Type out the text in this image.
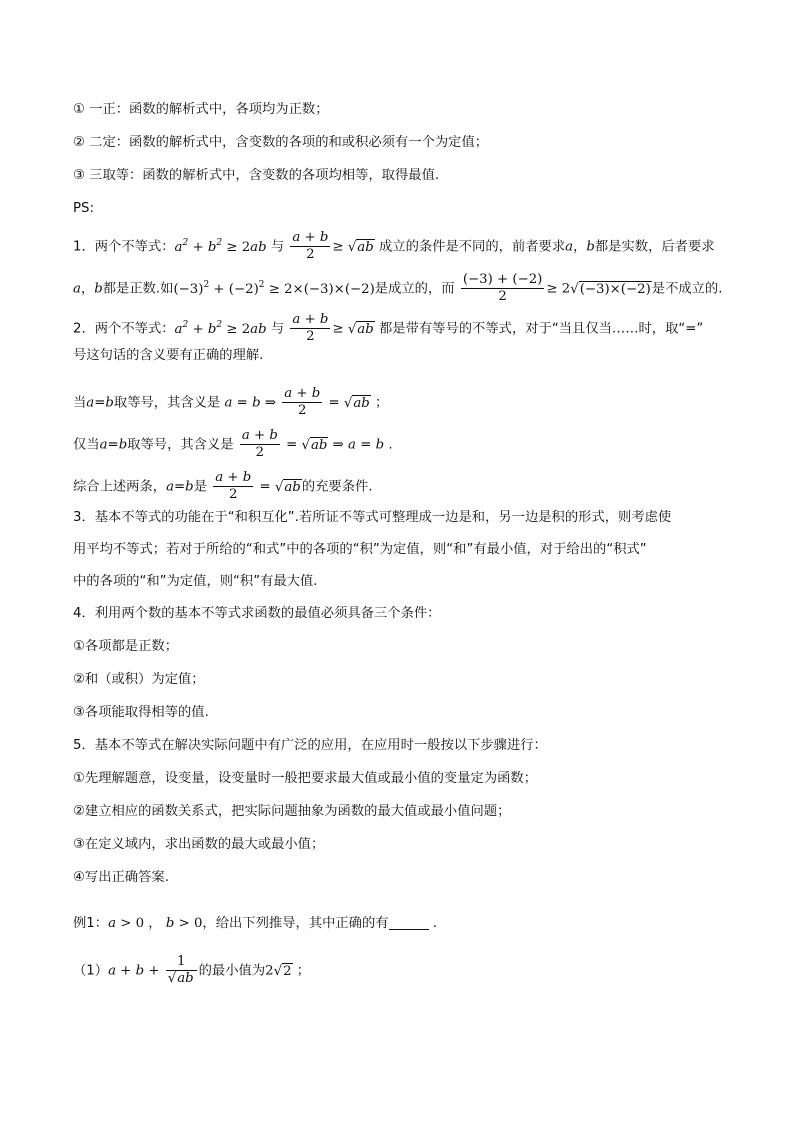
① 一正：函数的解析式中，各项均为正数；
② 二定：函数的解析式中，含变数的各项的和或积必须有一个为定值；
③ 三取等：函数的解析式中，含变数的各项均相等，取得最值.
PS:
1．两个不等式：$a^2 + b^2 \ge 2ab$ 与 $\frac{a + b}{2} \ge √ab$ 成立的条件是不同的，前者要求a，b都是实数，后者要求
a，b都是正数.如$(-3)^2 + (-2)^2 \ge 2\times(-3)\times(-2)$是成立的，而 $\frac{(-3) + (-2)}{2} \ge 2√(-3)\times(-2)$是不成立的.
2．两个不等式：$a^2 + b^2 \ge 2ab$ 与 $\frac{a + b}{2} \ge √ab$ 都是带有等号的不等式，对于“当且仅当……时，取“=”
号这句话的含义要有正确的理解.
当a=b取等号，其含义是 a = b ⇒ $\frac{a + b}{2} = √ab$ ；
仅当a=b取等号，其含义是 $\frac{a + b}{2} = √ab$ ⇒ a = b .
综合上述两条，a=b是 $\frac{a + b}{2} = √ab$的充要条件.
3．基本不等式的功能在于“和积互化”.若所证不等式可整理成一边是和，另一边是积的形式，则考虑使
用平均不等式；若对于所给的“和式”中的各项的“积”为定值，则“和”有最小值，对于给出的“积式”
中的各项的“和”为定值，则“积”有最大值.
4．利用两个数的基本不等式求函数的最值必须具备三个条件：
①各项都是正数；
②和（或积）为定值；
③各项能取得相等的值.
5．基本不等式在解决实际问题中有广泛的应用，在应用时一般按以下步骤进行：
①先理解题意，设变量，设变量时一般把要求最大值或最小值的变量定为函数；
②建立相应的函数关系式，把实际问题抽象为函数的最大值或最小值问题；
③在定义域内，求出函数的最大或最小值；
④写出正确答案.
例1：a > 0 ， b > 0，给出下列推导，其中正确的有	.
$(1)a + b + \frac{1}{√ab}$ 的最小值为2√2 ；
